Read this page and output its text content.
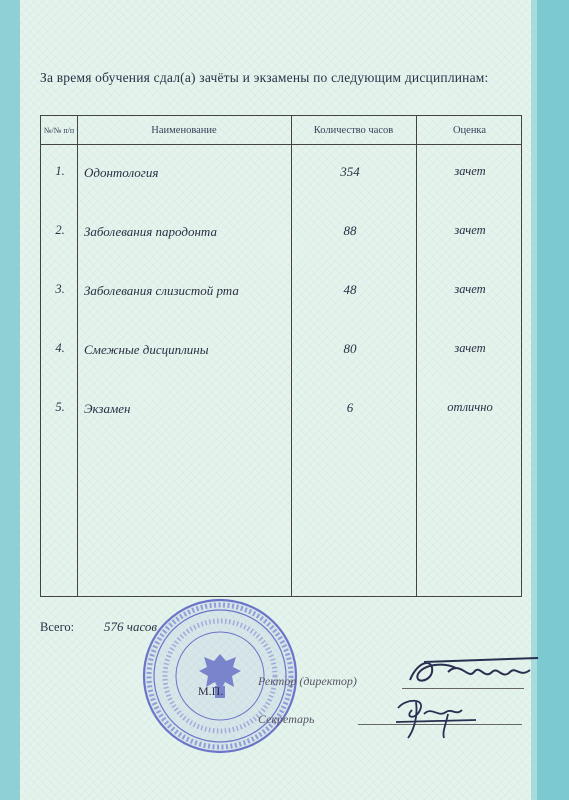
За время обучения сдал(а) зачёты и экзамены по следующим дисциплинам:
№/№ п/п	Наименование	Количество часов	Оценка
1.	Одонтология	354	зачет
2.	Заболевания пародонта	88	зачет
3.	Заболевания слизистой рта	48	зачет
4.	Смежные дисциплины	80	зачет
5.	Экзамен	6	отлично
Всего: 576 часов
М.П.
Ректор (директор)
Секретарь
